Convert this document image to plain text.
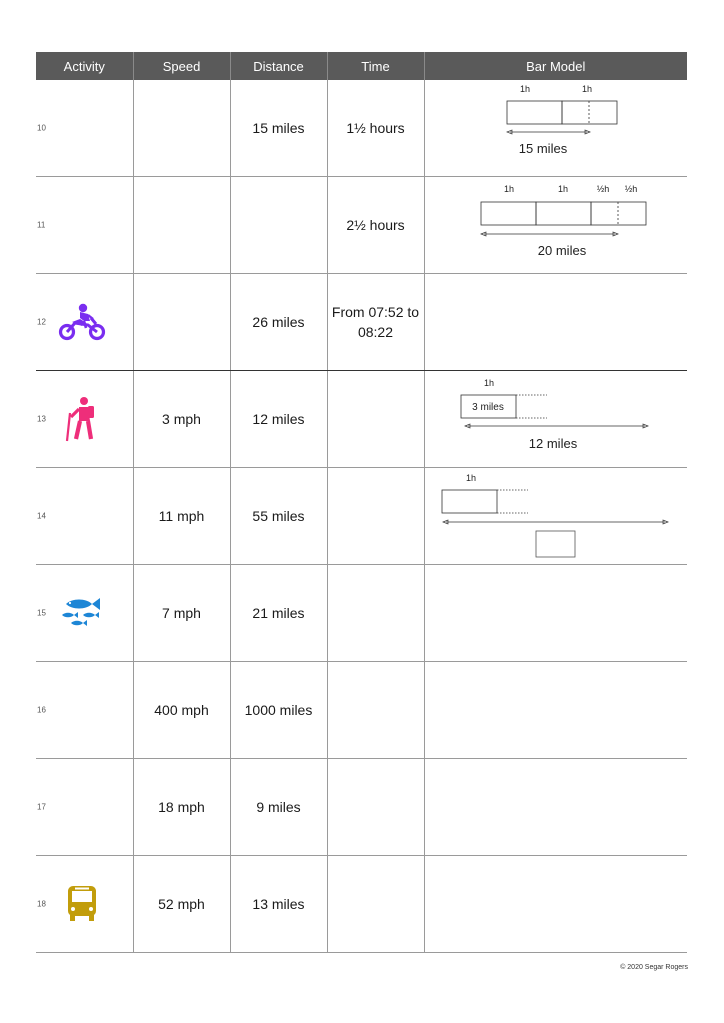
Activity	Speed	Distance	Time	Bar Model

10		15 miles	1½ hours	1h 1h
15 miles

11			2½ hours	1h 1h ½h ½h
20 miles

12		26 miles	From 07:52 to 08:22	

13	3 mph	12 miles		1h
3 miles
12 miles

14	11 mph	55 miles		1h

15	7 mph	21 miles		

16	400 mph	1000 miles		

17	18 mph	9 miles		

18	52 mph	13 miles		
© 2020 Segar Rogers
